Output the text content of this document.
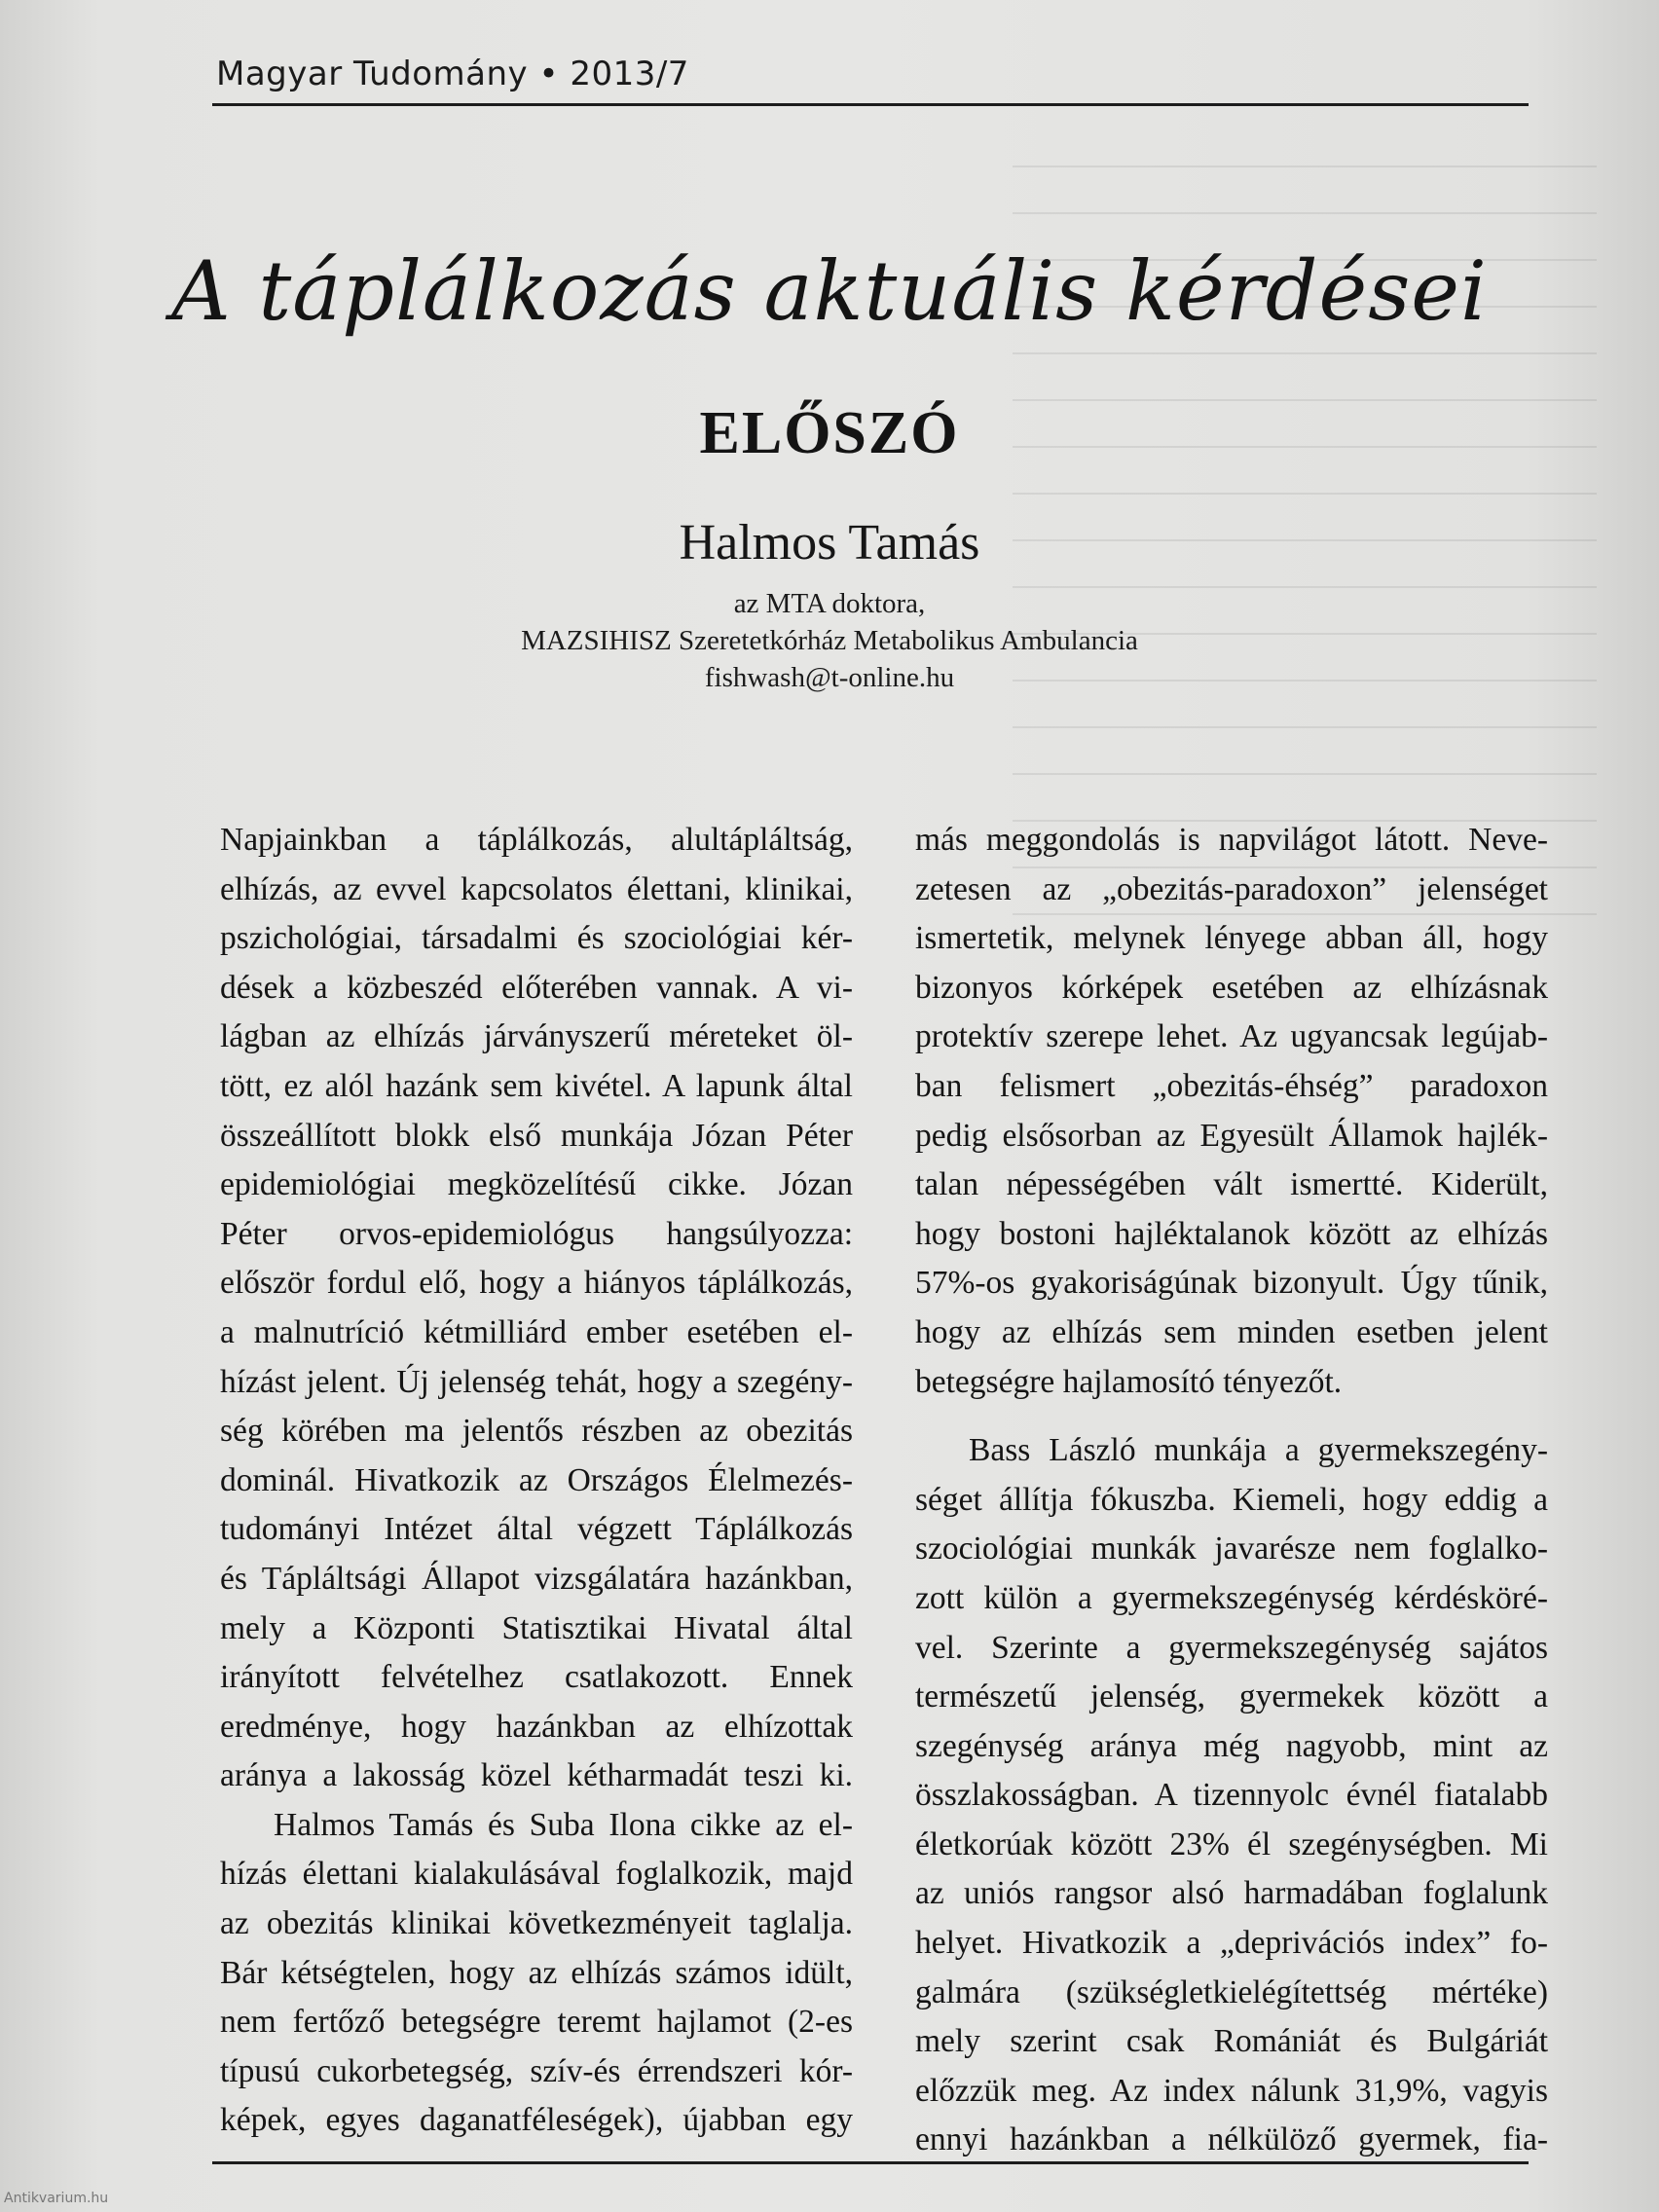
Magyar Tudomány • 2013/7
A táplálkozás aktuális kérdései
ELŐSZÓ
Halmos Tamás
az MTA doktora,
MAZSIHISZ Szeretetkórház Metabolikus Ambulancia
fishwash@t-online.hu
Napjainkban a táplálkozás, alultápláltság,
elhízás, az evvel kapcsolatos élettani, klinikai,
pszichológiai, társadalmi és szociológiai kér-
dések a közbeszéd előterében vannak. A vi-
lágban az elhízás járványszerű méreteket öl-
tött, ez alól hazánk sem kivétel. A lapunk által
összeállított blokk első munkája Józan Péter
epidemiológiai megközelítésű cikke. Józan
Péter orvos-epidemiológus hangsúlyozza:
először fordul elő, hogy a hiányos táplálkozás,
a malnutríció kétmilliárd ember esetében el-
hízást jelent. Új jelenség tehát, hogy a szegény-
ség körében ma jelentős részben az obezitás
dominál. Hivatkozik az Országos Élelmezés-
tudományi Intézet által végzett Táplálkozás
és Tápláltsági Állapot vizsgálatára hazánkban,
mely a Központi Statisztikai Hivatal által
irányított felvételhez csatlakozott. Ennek
eredménye, hogy hazánkban az elhízottak
aránya a lakosság közel kétharmadát teszi ki.
Halmos Tamás és Suba Ilona cikke az el-
hízás élettani kialakulásával foglalkozik, majd
az obezitás klinikai következményeit taglalja.
Bár kétségtelen, hogy az elhízás számos idült,
nem fertőző betegségre teremt hajlamot (2-es
típusú cukorbetegség, szív-és érrendszeri kór-
képek, egyes daganatféleségek), újabban egy
más meggondolás is napvilágot látott. Neve-
zetesen az „obezitás-paradoxon” jelenséget
ismertetik, melynek lényege abban áll, hogy
bizonyos kórképek esetében az elhízásnak
protektív szerepe lehet. Az ugyancsak legújab-
ban felismert „obezitás-éhség” paradoxon
pedig elsősorban az Egyesült Államok hajlék-
talan népességében vált ismertté. Kiderült,
hogy bostoni hajléktalanok között az elhízás
57%-os gyakoriságúnak bizonyult. Úgy tűnik,
hogy az elhízás sem minden esetben jelent
betegségre hajlamosító tényezőt.
Bass László munkája a gyermekszegény-
séget állítja fókuszba. Kiemeli, hogy eddig a
szociológiai munkák javarésze nem foglalko-
zott külön a gyermekszegénység kérdésköré-
vel. Szerinte a gyermekszegénység sajátos
természetű jelenség, gyermekek között a
szegénység aránya még nagyobb, mint az
összlakosságban. A tizennyolc évnél fiatalabb
életkorúak között 23% él szegénységben. Mi
az uniós rangsor alsó harmadában foglalunk
helyet. Hivatkozik a „deprivációs index” fo-
galmára (szükségletkielégítettség mértéke)
mely szerint csak Romániát és Bulgáriát
előzzük meg. Az index nálunk 31,9%, vagyis
ennyi hazánkban a nélkülöző gyermek, fia-
Antikvarium.hu
